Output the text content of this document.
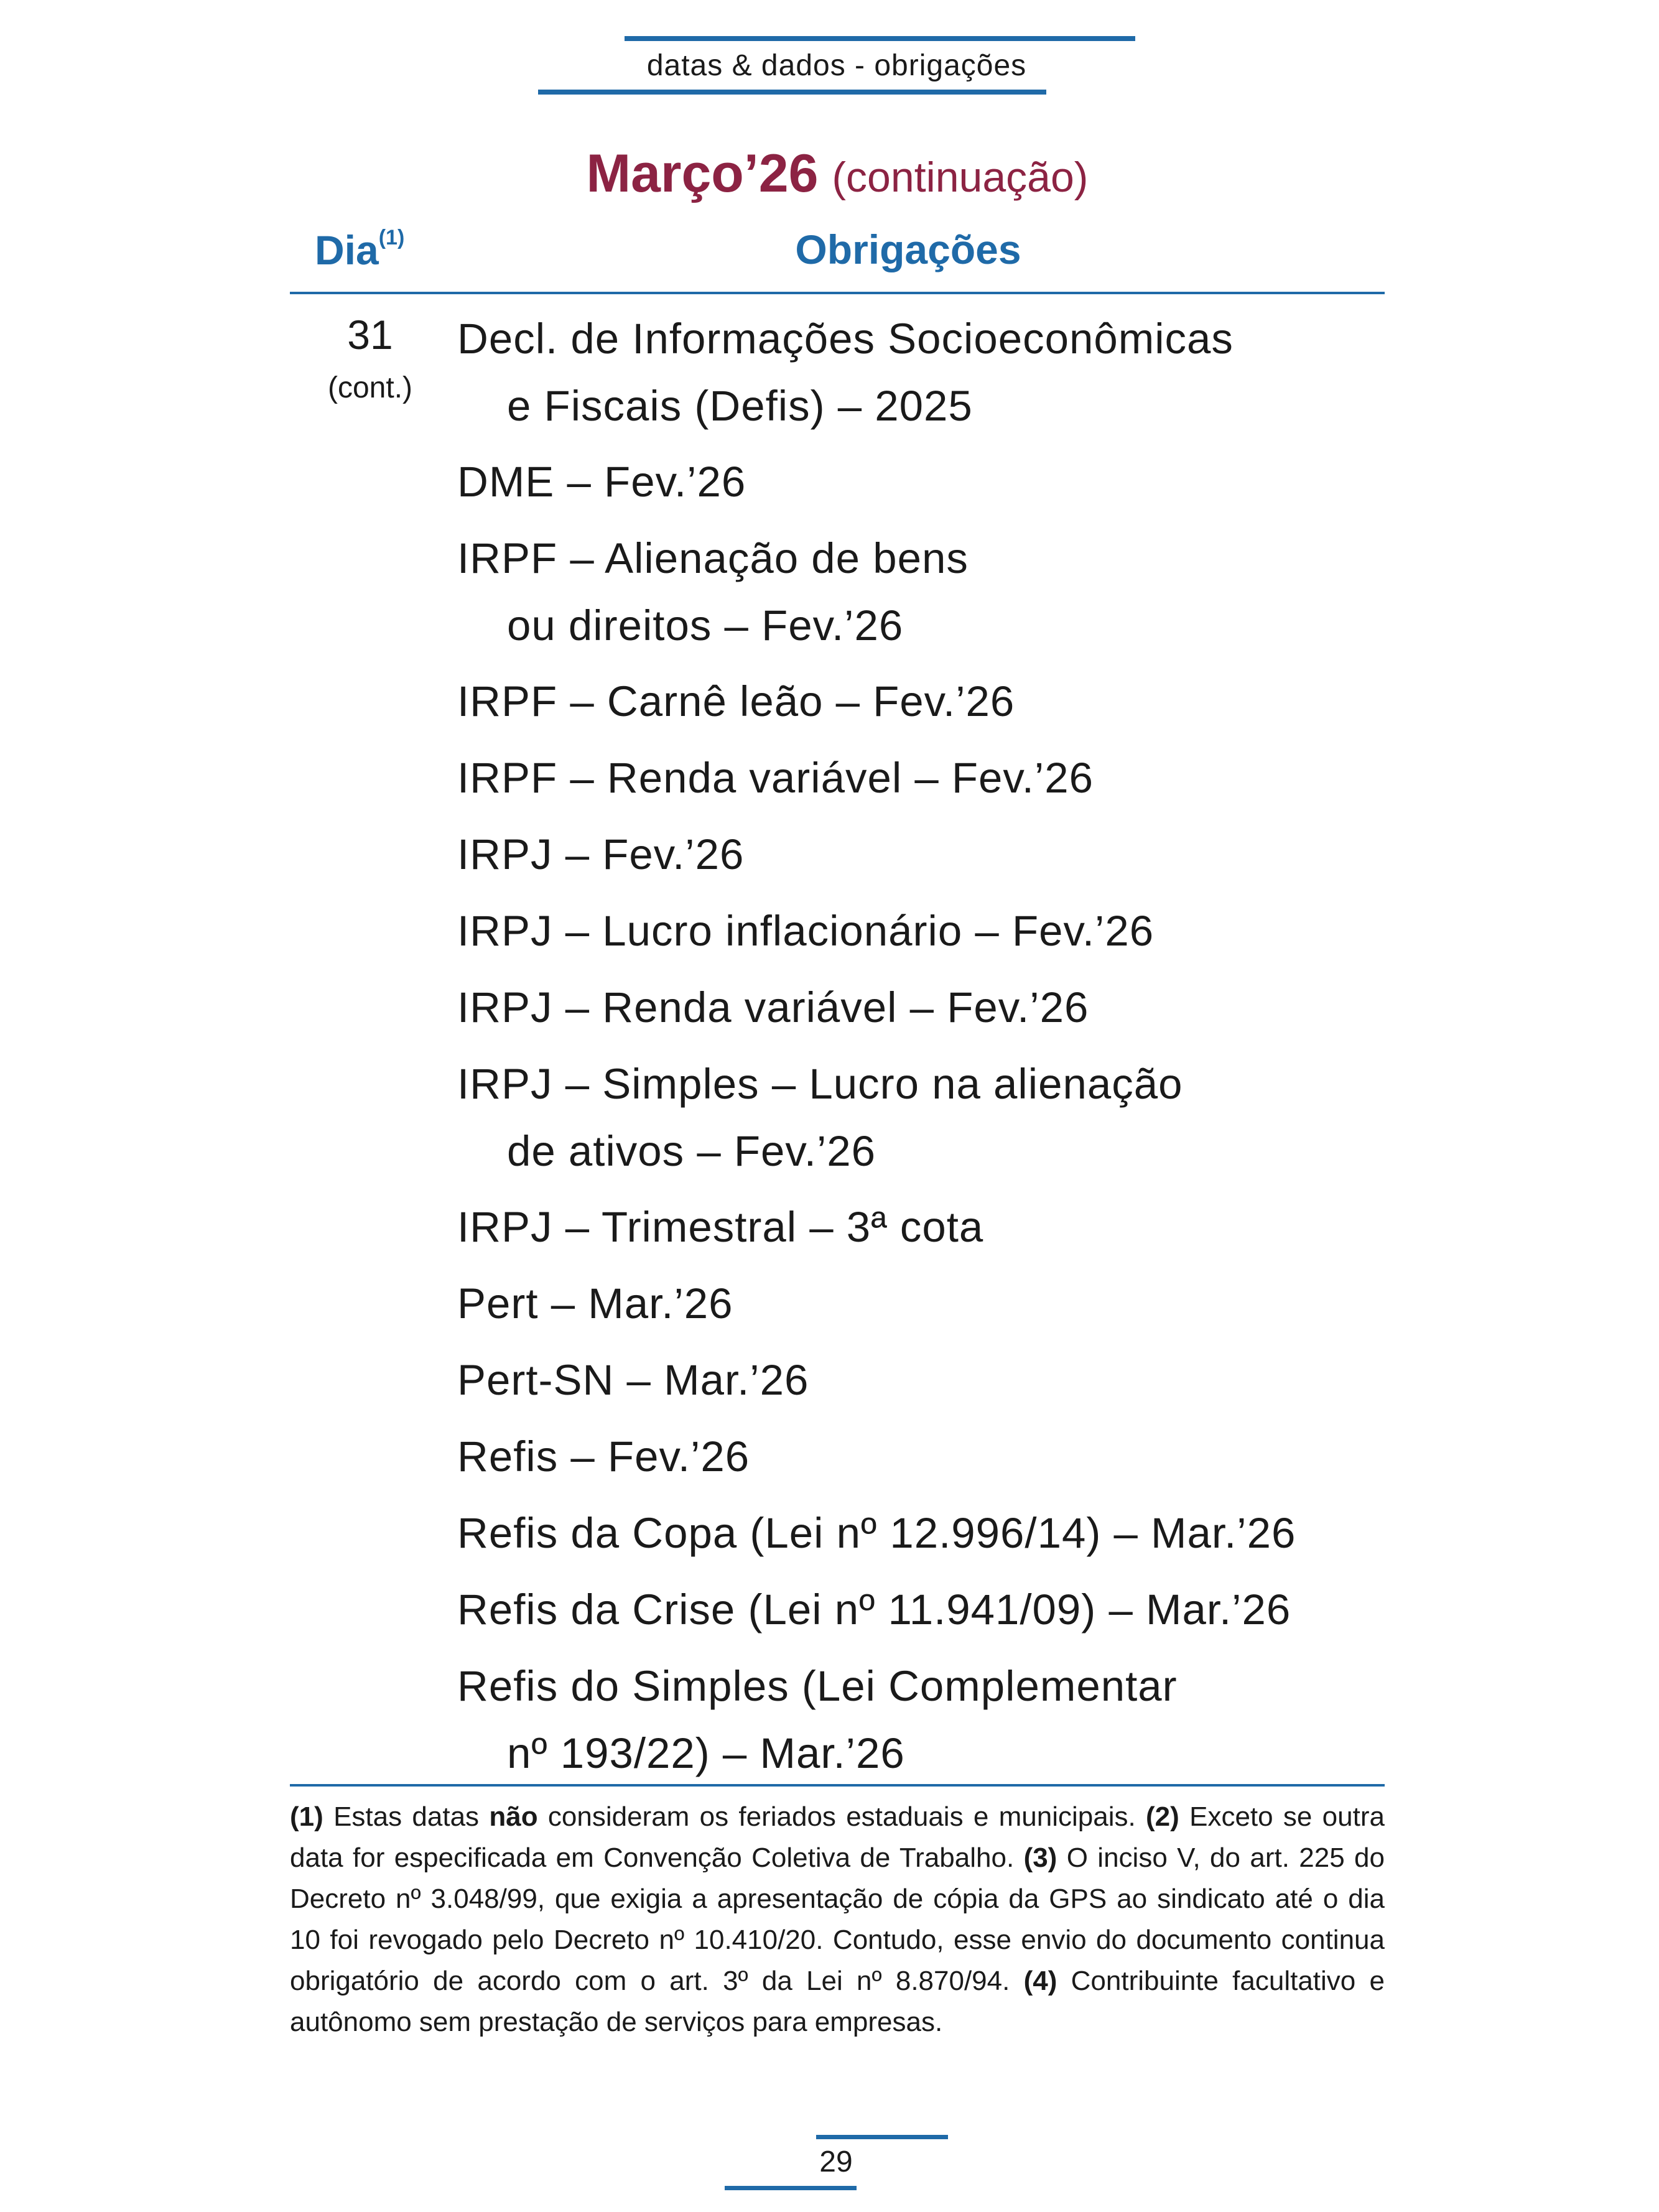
datas & dados - obrigações
Março’26 (continuação)
Dia$^{(1)}$	Obrigações
31
(cont.)
Decl. de Informações Socioeconômicas
e Fiscais (Defis) – 2025
DME – Fev.’26
IRPF – Alienação de bens
ou direitos – Fev.’26
IRPF – Carnê leão – Fev.’26
IRPF – Renda variável – Fev.’26
IRPJ – Fev.’26
IRPJ – Lucro inflacionário – Fev.’26
IRPJ – Renda variável – Fev.’26
IRPJ – Simples – Lucro na alienação
de ativos – Fev.’26
IRPJ – Trimestral – 3ª cota
Pert – Mar.’26
Pert-SN – Mar.’26
Refis – Fev.’26
Refis da Copa (Lei nº 12.996/14) – Mar.’26
Refis da Crise (Lei nº 11.941/09) – Mar.’26
Refis do Simples (Lei Complementar
nº 193/22) – Mar.’26
(1) Estas datas não consideram os feriados estaduais e municipais. (2) Exceto se outra data for especificada em Convenção Coletiva de Trabalho. (3) O inciso V, do art. 225 do Decreto nº 3.048/99, que exigia a apresentação de cópia da GPS ao sindicato até o dia 10 foi revogado pelo Decreto nº 10.410/20. Contudo, esse envio do documento continua obrigatório de acordo com o art. 3º da Lei nº 8.870/94. (4) Contribuinte facultativo e autônomo sem prestação de serviços para empresas.
29
